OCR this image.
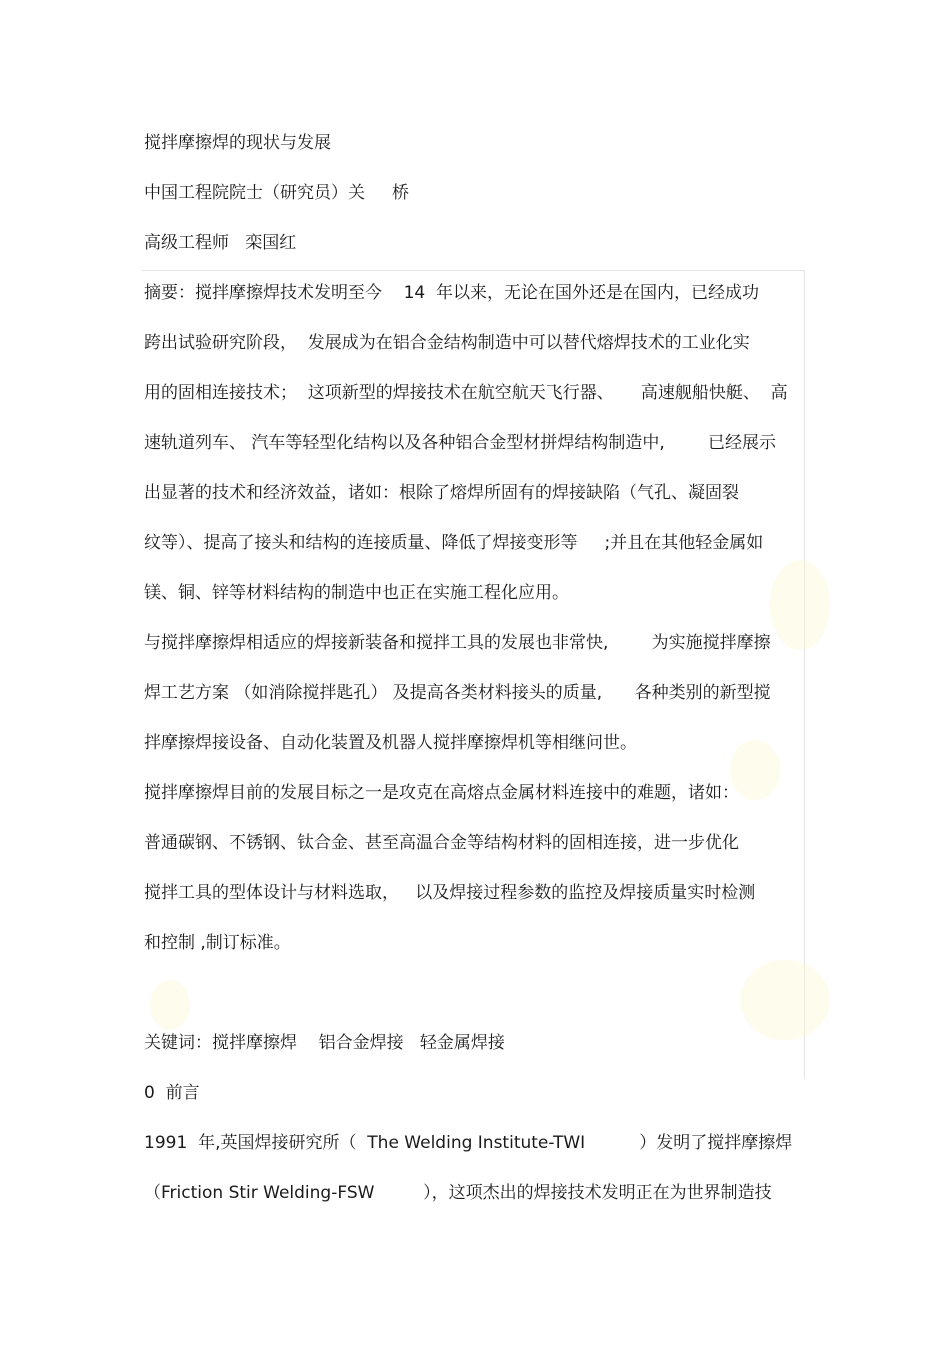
搅拌摩擦焊的现状与发展
中国工程院院士（研究员）关     桥
高级工程师   栾国红
摘要：搅拌摩擦焊技术发明至今    14  年以来，无论在国外还是在国内，已经成功
跨出试验研究阶段，  发展成为在铝合金结构制造中可以替代熔焊技术的工业化实
用的固相连接技术；  这项新型的焊接技术在航空航天飞行器、     高速舰船快艇、  高
速轨道列车、 汽车等轻型化结构以及各种铝合金型材拼焊结构制造中,        已经展示
出显著的技术和经济效益，诸如：根除了熔焊所固有的焊接缺陷（气孔、凝固裂
纹等）、提高了接头和结构的连接质量、降低了焊接变形等     ;并且在其他轻金属如
镁、铜、锌等材料结构的制造中也正在实施工程化应用。
与搅拌摩擦焊相适应的焊接新装备和搅拌工具的发展也非常快,        为实施搅拌摩擦
焊工艺方案 （如消除搅拌匙孔） 及提高各类材料接头的质量,      各种类别的新型搅
拌摩擦焊接设备、自动化装置及机器人搅拌摩擦焊机等相继问世。
搅拌摩擦焊目前的发展目标之一是攻克在高熔点金属材料连接中的难题，诸如：
普通碳钢、不锈钢、钛合金、甚至高温合金等结构材料的固相连接，进一步优化
搅拌工具的型体设计与材料选取，   以及焊接过程参数的监控及焊接质量实时检测
和控制 ,制订标准。
关键词：搅拌摩擦焊    铝合金焊接   轻金属焊接
0  前言
1991  年,英国焊接研究所（  The Welding Institute-TWI          ）发明了搅拌摩擦焊
（Friction Stir Welding-FSW         ），这项杰出的焊接技术发明正在为世界制造技
